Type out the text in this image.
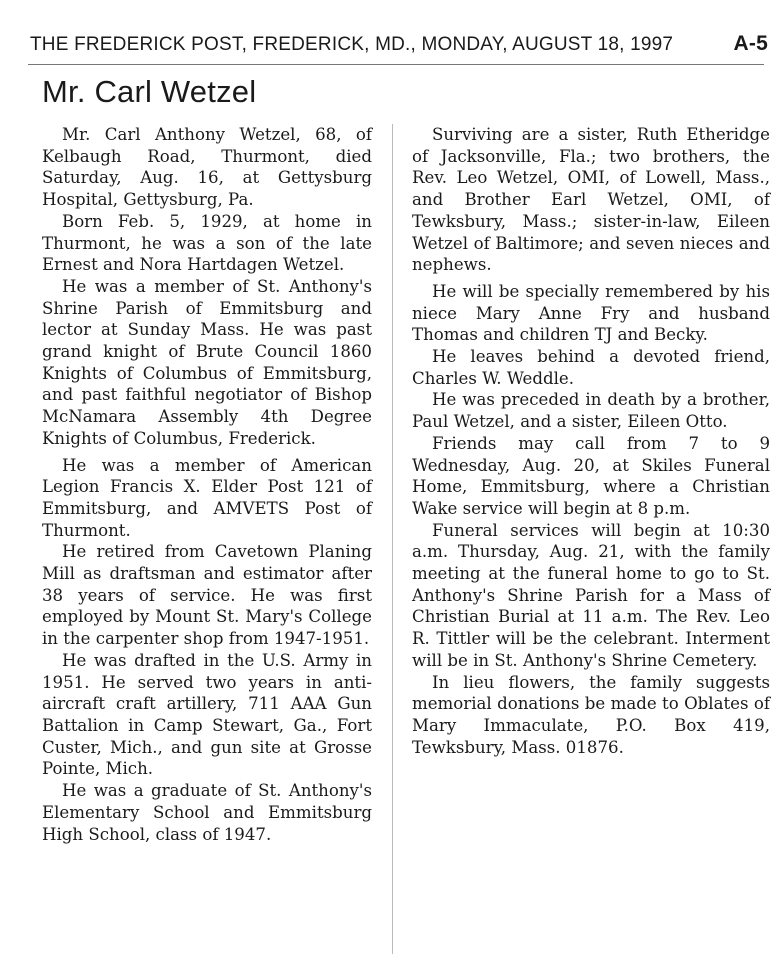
THE FREDERICK POST, FREDERICK, MD., MONDAY, AUGUST 18, 1997	A-5
Mr. Carl Wetzel

Mr. Carl Anthony Wetzel, 68, of Kelbaugh Road, Thurmont, died Saturday, Aug. 16, at Gettysburg Hospital, Gettysburg, Pa.

Born Feb. 5, 1929, at home in Thurmont, he was a son of the late Ernest and Nora Hartdagen Wetzel.

He was a member of St. Anthony's Shrine Parish of Emmitsburg and lector at Sunday Mass. He was past grand knight of Brute Council 1860 Knights of Columbus of Emmitsburg, and past faithful negotiator of Bishop McNamara Assembly 4th Degree Knights of Columbus, Frederick.

He was a member of American Legion Francis X. Elder Post 121 of Emmitsburg, and AMVETS Post of Thurmont.

He retired from Cavetown Planing Mill as draftsman and estimator after 38 years of service. He was first employed by Mount St. Mary's College in the carpenter shop from 1947-1951.

He was drafted in the U.S. Army in 1951. He served two years in anti-aircraft craft artillery, 711 AAA Gun Battalion in Camp Stewart, Ga., Fort Custer, Mich., and gun site at Grosse Pointe, Mich.

He was a graduate of St. Anthony's Elementary School and Emmitsburg High School, class of 1947.

Surviving are a sister, Ruth Etheridge of Jacksonville, Fla.; two brothers, the Rev. Leo Wetzel, OMI, of Lowell, Mass., and Brother Earl Wetzel, OMI, of Tewksbury, Mass.; sister-in-law, Eileen Wetzel of Baltimore; and seven nieces and nephews.

He will be specially remembered by his niece Mary Anne Fry and husband Thomas and children TJ and Becky.

He leaves behind a devoted friend, Charles W. Weddle.

He was preceded in death by a brother, Paul Wetzel, and a sister, Eileen Otto.

Friends may call from 7 to 9 Wednesday, Aug. 20, at Skiles Funeral Home, Emmitsburg, where a Christian Wake service will begin at 8 p.m.

Funeral services will begin at 10:30 a.m. Thursday, Aug. 21, with the family meeting at the funeral home to go to St. Anthony's Shrine Parish for a Mass of Christian Burial at 11 a.m. The Rev. Leo R. Tittler will be the celebrant. Interment will be in St. Anthony's Shrine Cemetery.

In lieu flowers, the family suggests memorial donations be made to Oblates of Mary Immaculate, P.O. Box 419, Tewksbury, Mass. 01876.
